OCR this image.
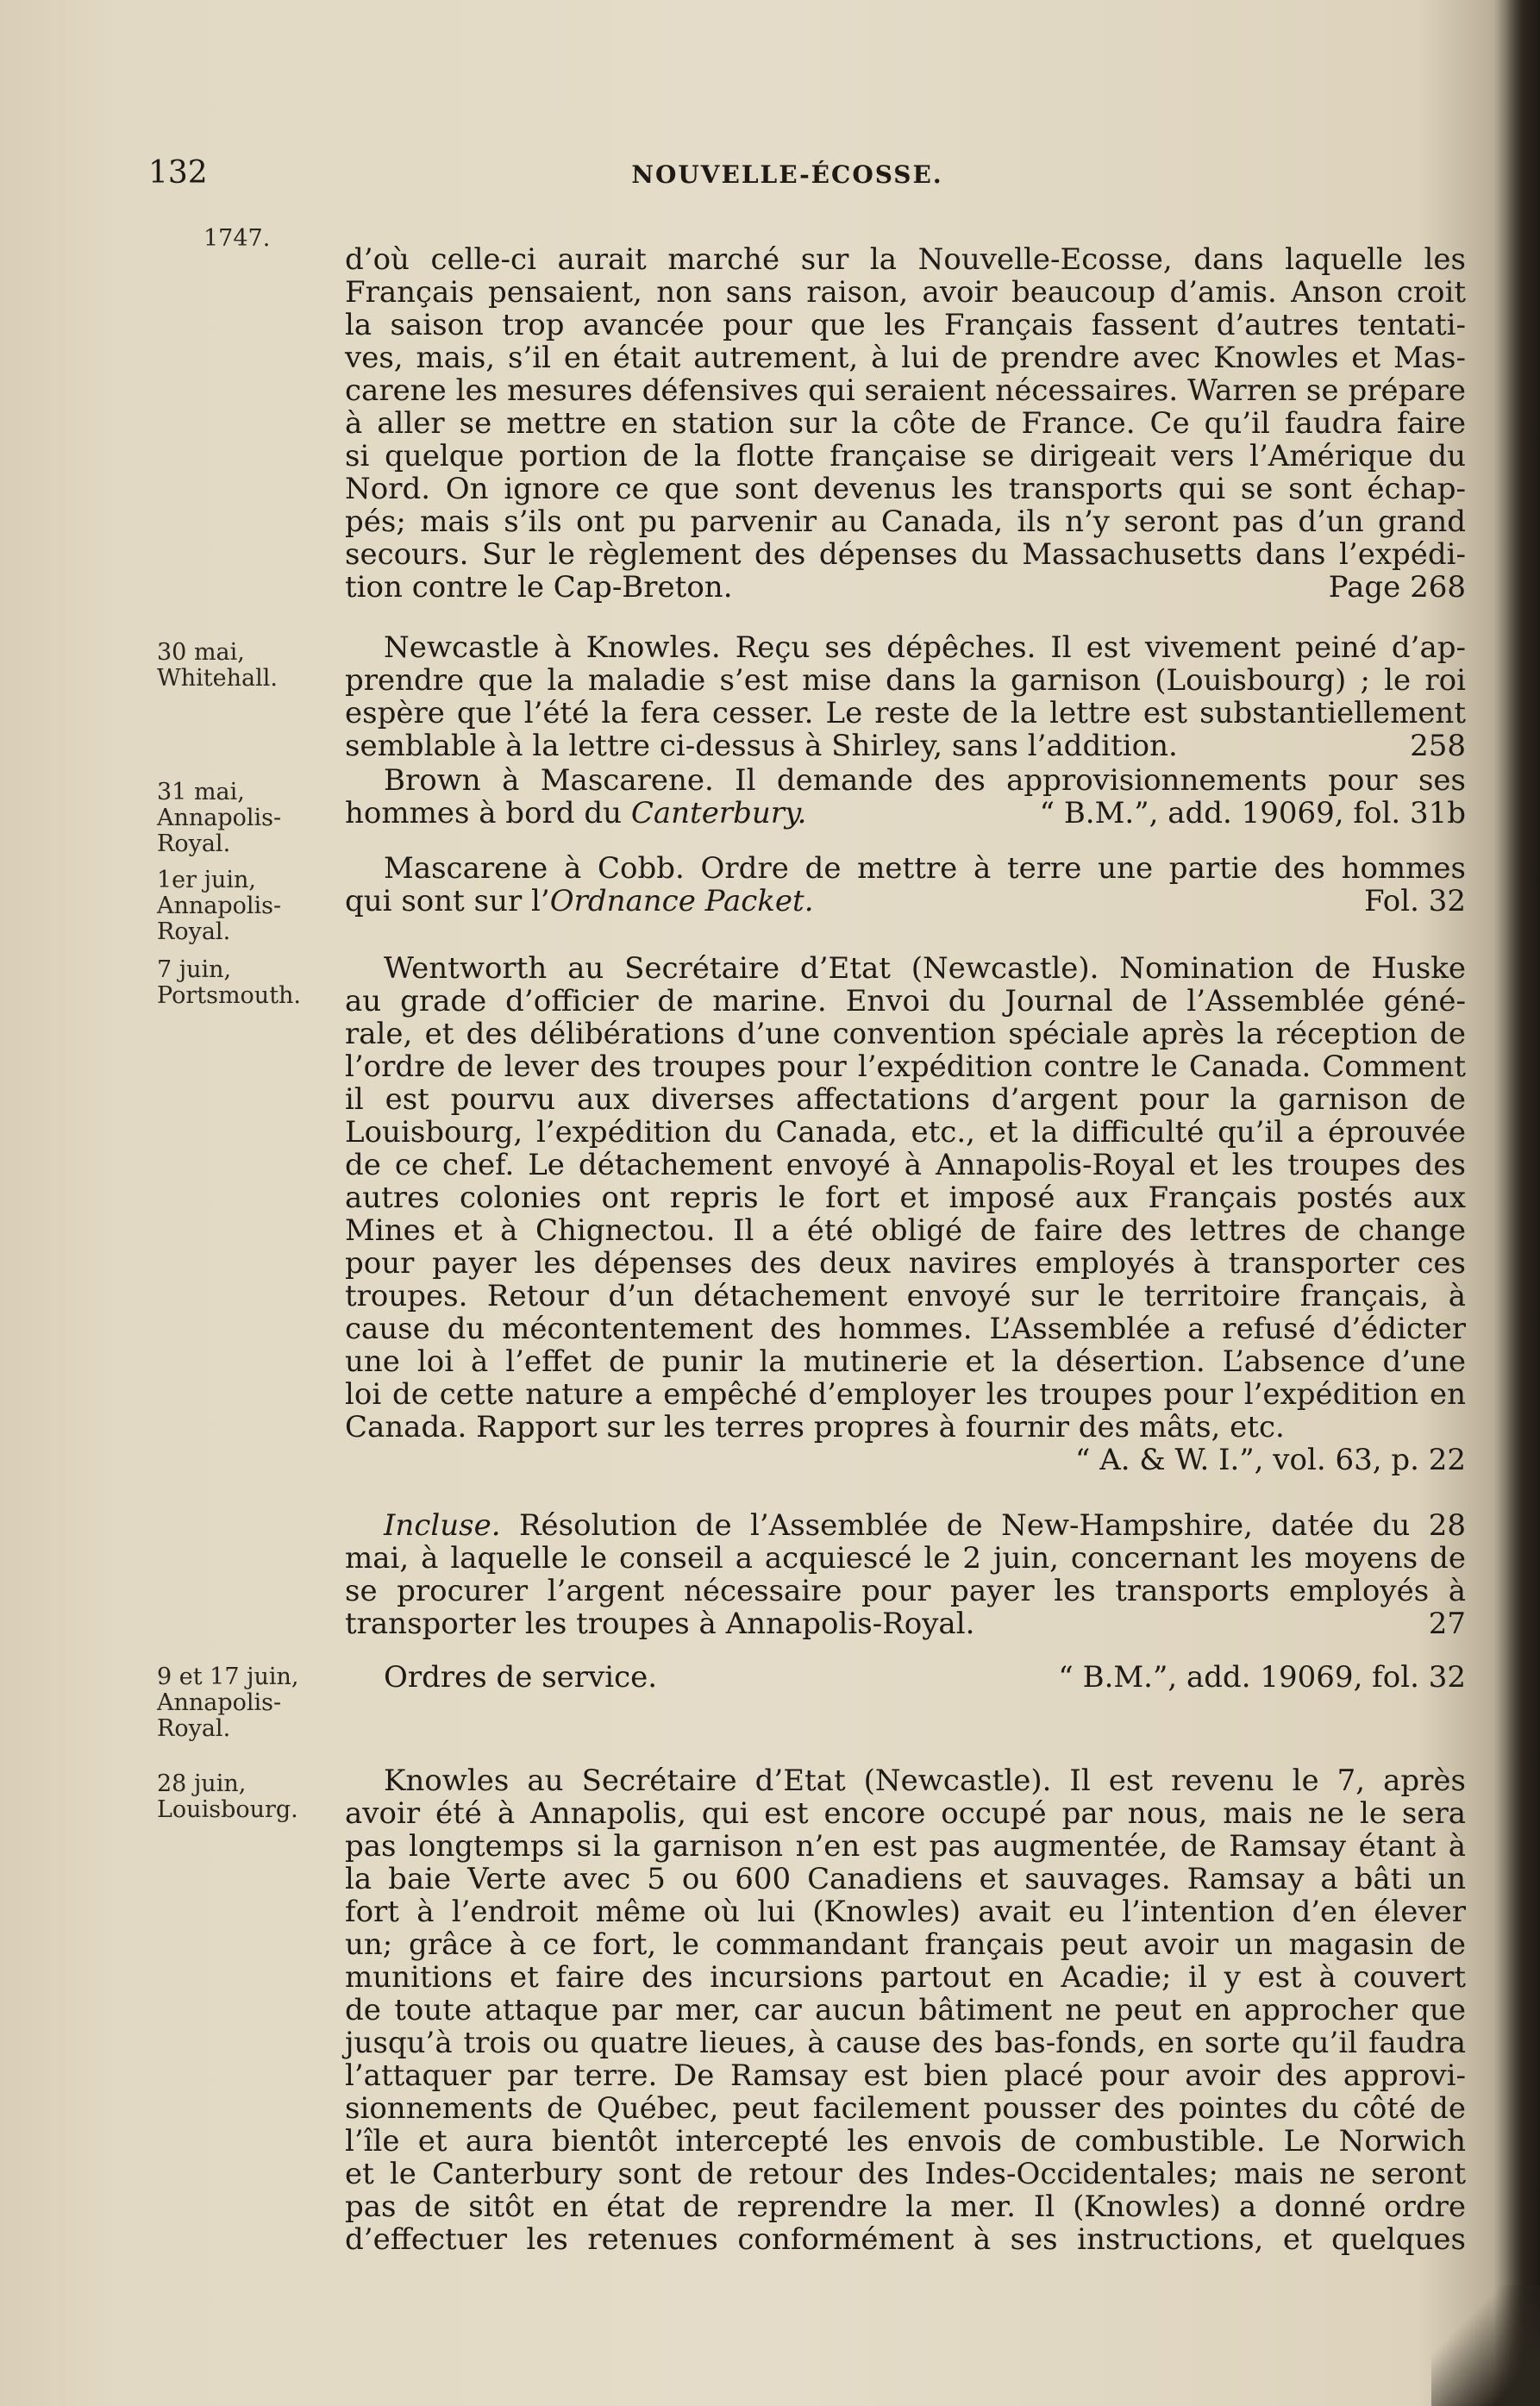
132	NOUVELLE-ÉCOSSE.
1747.
d’où celle-ci aurait marché sur la Nouvelle-Ecosse, dans laquelle les
Français pensaient, non sans raison, avoir beaucoup d’amis. Anson croit
la saison trop avancée pour que les Français fassent d’autres tentati-
ves, mais, s’il en était autrement, à lui de prendre avec Knowles et Mas-
carene les mesures défensives qui seraient nécessaires. Warren se prépare
à aller se mettre en station sur la côte de France. Ce qu’il faudra faire
si quelque portion de la flotte française se dirigeait vers l’Amérique du
Nord. On ignore ce que sont devenus les transports qui se sont échap-
pés; mais s’ils ont pu parvenir au Canada, ils n’y seront pas d’un grand
secours. Sur le règlement des dépenses du Massachusetts dans l’expédi-
tion contre le Cap-Breton.	Page 268
30 mai,
Whitehall.
Newcastle à Knowles. Reçu ses dépêches. Il est vivement peiné d’ap-
prendre que la maladie s’est mise dans la garnison (Louisbourg) ; le roi
espère que l’été la fera cesser. Le reste de la lettre est substantiellement
semblable à la lettre ci-dessus à Shirley, sans l’addition.	258
31 mai,
Annapolis-Royal.
Brown à Mascarene. Il demande des approvisionnements pour ses
hommes à bord du Canterbury.	“ B.M.”, add. 19069, fol. 31b
1er juin,
Annapolis-Royal.
Mascarene à Cobb. Ordre de mettre à terre une partie des hommes
qui sont sur l’Ordnance Packet.	Fol. 32
7 juin,
Portsmouth.
Wentworth au Secrétaire d’Etat (Newcastle). Nomination de Huske
au grade d’officier de marine. Envoi du Journal de l’Assemblée géné-
rale, et des délibérations d’une convention spéciale après la réception de
l’ordre de lever des troupes pour l’expédition contre le Canada. Comment
il est pourvu aux diverses affectations d’argent pour la garnison de
Louisbourg, l’expédition du Canada, etc., et la difficulté qu’il a éprouvée
de ce chef. Le détachement envoyé à Annapolis-Royal et les troupes des
autres colonies ont repris le fort et imposé aux Français postés aux
Mines et à Chignectou. Il a été obligé de faire des lettres de change
pour payer les dépenses des deux navires employés à transporter ces
troupes. Retour d’un détachement envoyé sur le territoire français, à
cause du mécontentement des hommes. L’Assemblée a refusé d’édicter
une loi à l’effet de punir la mutinerie et la désertion. L’absence d’une
loi de cette nature a empêché d’employer les troupes pour l’expédition en
Canada. Rapport sur les terres propres à fournir des mâts, etc.
“ A. & W. I.”, vol. 63, p. 22
Incluse. Résolution de l’Assemblée de New-Hampshire, datée du 28
mai, à laquelle le conseil a acquiescé le 2 juin, concernant les moyens de
se procurer l’argent nécessaire pour payer les transports employés à
transporter les troupes à Annapolis-Royal.	27
9 et 17 juin,
Annapolis-Royal.
Ordres de service.	“ B.M.”, add. 19069, fol. 32
28 juin,
Louisbourg.
Knowles au Secrétaire d’Etat (Newcastle). Il est revenu le 7, après
avoir été à Annapolis, qui est encore occupé par nous, mais ne le sera
pas longtemps si la garnison n’en est pas augmentée, de Ramsay étant à
la baie Verte avec 5 ou 600 Canadiens et sauvages. Ramsay a bâti un
fort à l’endroit même où lui (Knowles) avait eu l’intention d’en élever
un; grâce à ce fort, le commandant français peut avoir un magasin de
munitions et faire des incursions partout en Acadie; il y est à couvert
de toute attaque par mer, car aucun bâtiment ne peut en approcher que
jusqu’à trois ou quatre lieues, à cause des bas-fonds, en sorte qu’il faudra
l’attaquer par terre. De Ramsay est bien placé pour avoir des approvi-
sionnements de Québec, peut facilement pousser des pointes du côté de
l’île et aura bientôt intercepté les envois de combustible. Le Norwich
et le Canterbury sont de retour des Indes-Occidentales; mais ne seront
pas de sitôt en état de reprendre la mer. Il (Knowles) a donné ordre
d’effectuer les retenues conformément à ses instructions, et quelques
